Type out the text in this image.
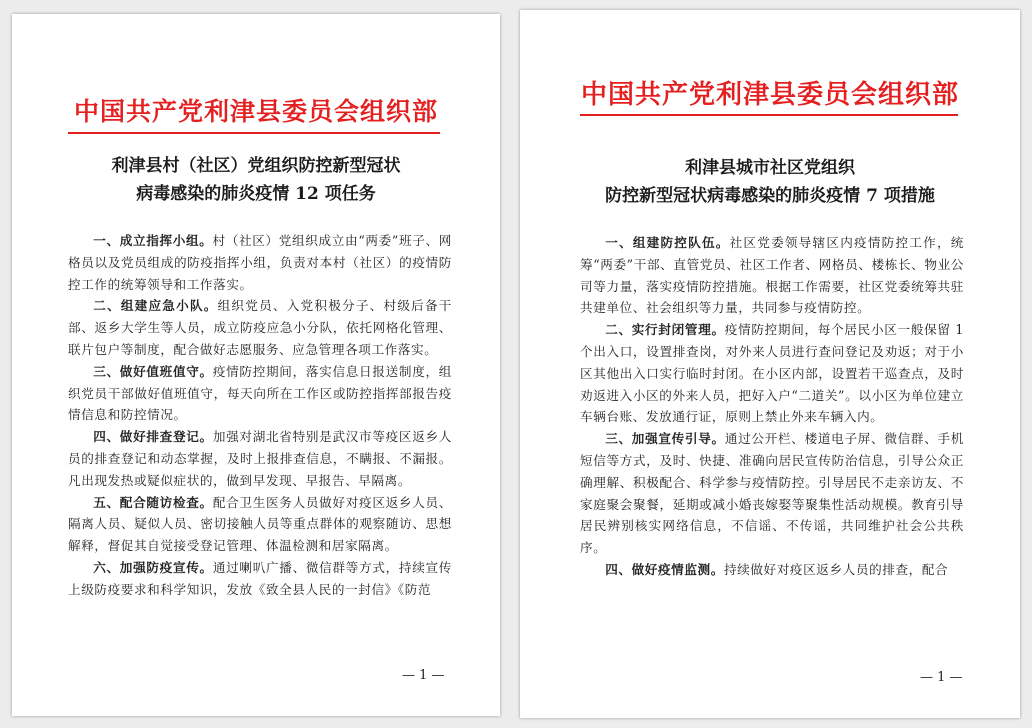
中国共产党利津县委员会组织部
利津县村（社区）党组织防控新型冠状
病毒感染的肺炎疫情 12 项任务

一、成立指挥小组。村（社区）党组织成立由“两委”班子、网格员以及党员组成的防疫指挥小组，负责对本村（社区）的疫情防控工作的统筹领导和工作落实。

二、组建应急小队。组织党员、入党积极分子、村级后备干部、返乡大学生等人员，成立防疫应急小分队，依托网格化管理、联片包户等制度，配合做好志愿服务、应急管理各项工作落实。

三、做好值班值守。疫情防控期间，落实信息日报送制度，组织党员干部做好值班值守，每天向所在工作区或防控指挥部报告疫情信息和防控情况。

四、做好排查登记。加强对湖北省特别是武汉市等疫区返乡人员的排查登记和动态掌握，及时上报排查信息，不瞒报、不漏报。凡出现发热或疑似症状的，做到早发现、早报告、早隔离。

五、配合随访检查。配合卫生医务人员做好对疫区返乡人员、隔离人员、疑似人员、密切接触人员等重点群体的观察随访、思想解释，督促其自觉接受登记管理、体温检测和居家隔离。

六、加强防疫宣传。通过喇叭广播、微信群等方式，持续宣传上级防疫要求和科学知识，发放《致全县人民的一封信》《防范

— 1 —
中国共产党利津县委员会组织部
利津县城市社区党组织
防控新型冠状病毒感染的肺炎疫情 7 项措施

一、组建防控队伍。社区党委领导辖区内疫情防控工作，统筹“两委”干部、直管党员、社区工作者、网格员、楼栋长、物业公司等力量，落实疫情防控措施。根据工作需要，社区党委统筹共驻共建单位、社会组织等力量，共同参与疫情防控。

二、实行封闭管理。疫情防控期间，每个居民小区一般保留 1 个出入口，设置排查岗，对外来人员进行查问登记及劝返；对于小区其他出入口实行临时封闭。在小区内部，设置若干巡查点，及时劝返进入小区的外来人员，把好入户“二道关”。以小区为单位建立车辆台账、发放通行证，原则上禁止外来车辆入内。

三、加强宣传引导。通过公开栏、楼道电子屏、微信群、手机短信等方式，及时、快捷、准确向居民宣传防治信息，引导公众正确理解、积极配合、科学参与疫情防控。引导居民不走亲访友、不家庭聚会聚餐，延期或减小婚丧嫁娶等聚集性活动规模。教育引导居民辨别核实网络信息，不信谣、不传谣，共同维护社会公共秩序。

四、做好疫情监测。持续做好对疫区返乡人员的排查，配合

— 1 —
